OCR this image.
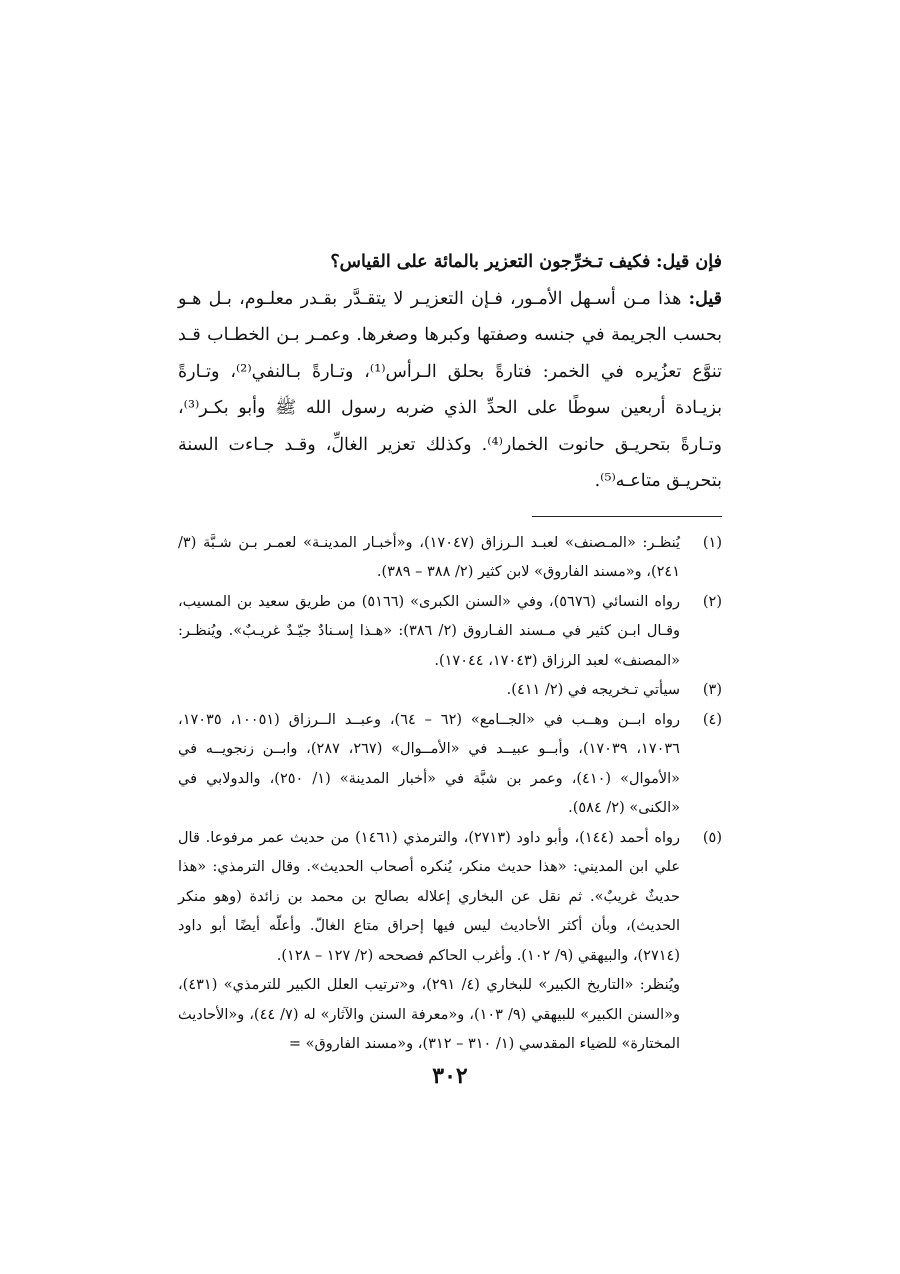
فإن قيل: فكيف تـخرِّجون التعزير بالمائة على القياس؟

قيل: هذا مـن أسـهل الأمـور، فـإن التعزيـر لا يتقـدَّر بقـدر معلـوم، بـل هـو بحسب الجريمة في جنسه وصفتها وكبرها وصغرها. وعمـر بـن الخطـاب قـد تنوَّع تعزُيره في الخمر: فتارةً بحلق الـرأس⁽¹⁾، وتـارةً بـالنفي⁽²⁾، وتـارةً بزيـادة أربعين سوطًا على الحدِّ الذي ضربه رسول الله ﷺ وأبو بكـر⁽³⁾، وتـارةً بتحريـق حانوت الخمار⁽⁴⁾. وكذلك تعزير الغالِّ، وقـد جـاءت السنة بتحريـق متاعـه⁽⁵⁾.

(١)
يُنظـر: «المـصنف» لعبـد الـرزاق (١٧٠٤٧)، و«أخبـار المدينـة» لعمـر بـن شـبَّة (٣/ ٢٤١)، و«مسند الفاروق» لابن كثير (٢/ ٣٨٨ – ٣٨٩).
(٢)
رواه النسائي (٥٦٧٦)، وفي «السنن الكبرى» (٥١٦٦) من طريق سعيد بن المسيب، وقـال ابـن كثير في مـسند الفـاروق (٢/ ٣٨٦): «هـذا إسـنادٌ جيّـدٌ غريـبٌ». ويُنظـر: «المصنف» لعبد الرزاق (١٧٠٤٣، ١٧٠٤٤).
(٣)
سيأتي تـخريجه في (٢/ ٤١١).
(٤)
رواه ابــن وهــب في «الجــامع» (٦٢ – ٦٤)، وعبــد الــرزاق (١٠٠٥١، ١٧٠٣٥، ١٧٠٣٦، ١٧٠٣٩)، وأبــو عبيــد في «الأمــوال» (٢٦٧، ٢٨٧)، وابــن زنجويــه في «الأموال» (٤١٠)، وعمر بن شبَّة في «أخبار المدينة» (١/ ٢٥٠)، والدولابي في «الكنى» (٢/ ٥٨٤).
(٥)
رواه أحمد (١٤٤)، وأبو داود (٢٧١٣)، والترمذي (١٤٦١) من حديث عمر مرفوعا. قال علي ابن المديني: «هذا حديث منكر، يُنكره أصحاب الحديث». وقال الترمذي: «هذا حديثٌ غريبٌ». ثم نقل عن البخاري إعلاله بصالح بن محمد بن زائدة (وهو منكر الحديث)، وبأن أكثر الأحاديث ليس فيها إحراق متاع الغالّ. وأعلّه أيضًا أبو داود (٢٧١٤)، والبيهقي (٩/ ١٠٢). وأغرب الحاكم فصححه (٢/ ١٢٧ – ١٢٨).
ويُنظر: «التاريخ الكبير» للبخاري (٤/ ٢٩١)، و«ترتيب العلل الكبير للترمذي» (٤٣١)، و«السنن الكبير» للبيهقي (٩/ ١٠٣)، و«معرفة السنن والآثار» له (٧/ ٤٤)، و«الأحاديث المختارة» للضياء المقدسي (١/ ٣١٠ – ٣١٢)، و«مسند الفاروق» =
٣٠٢
